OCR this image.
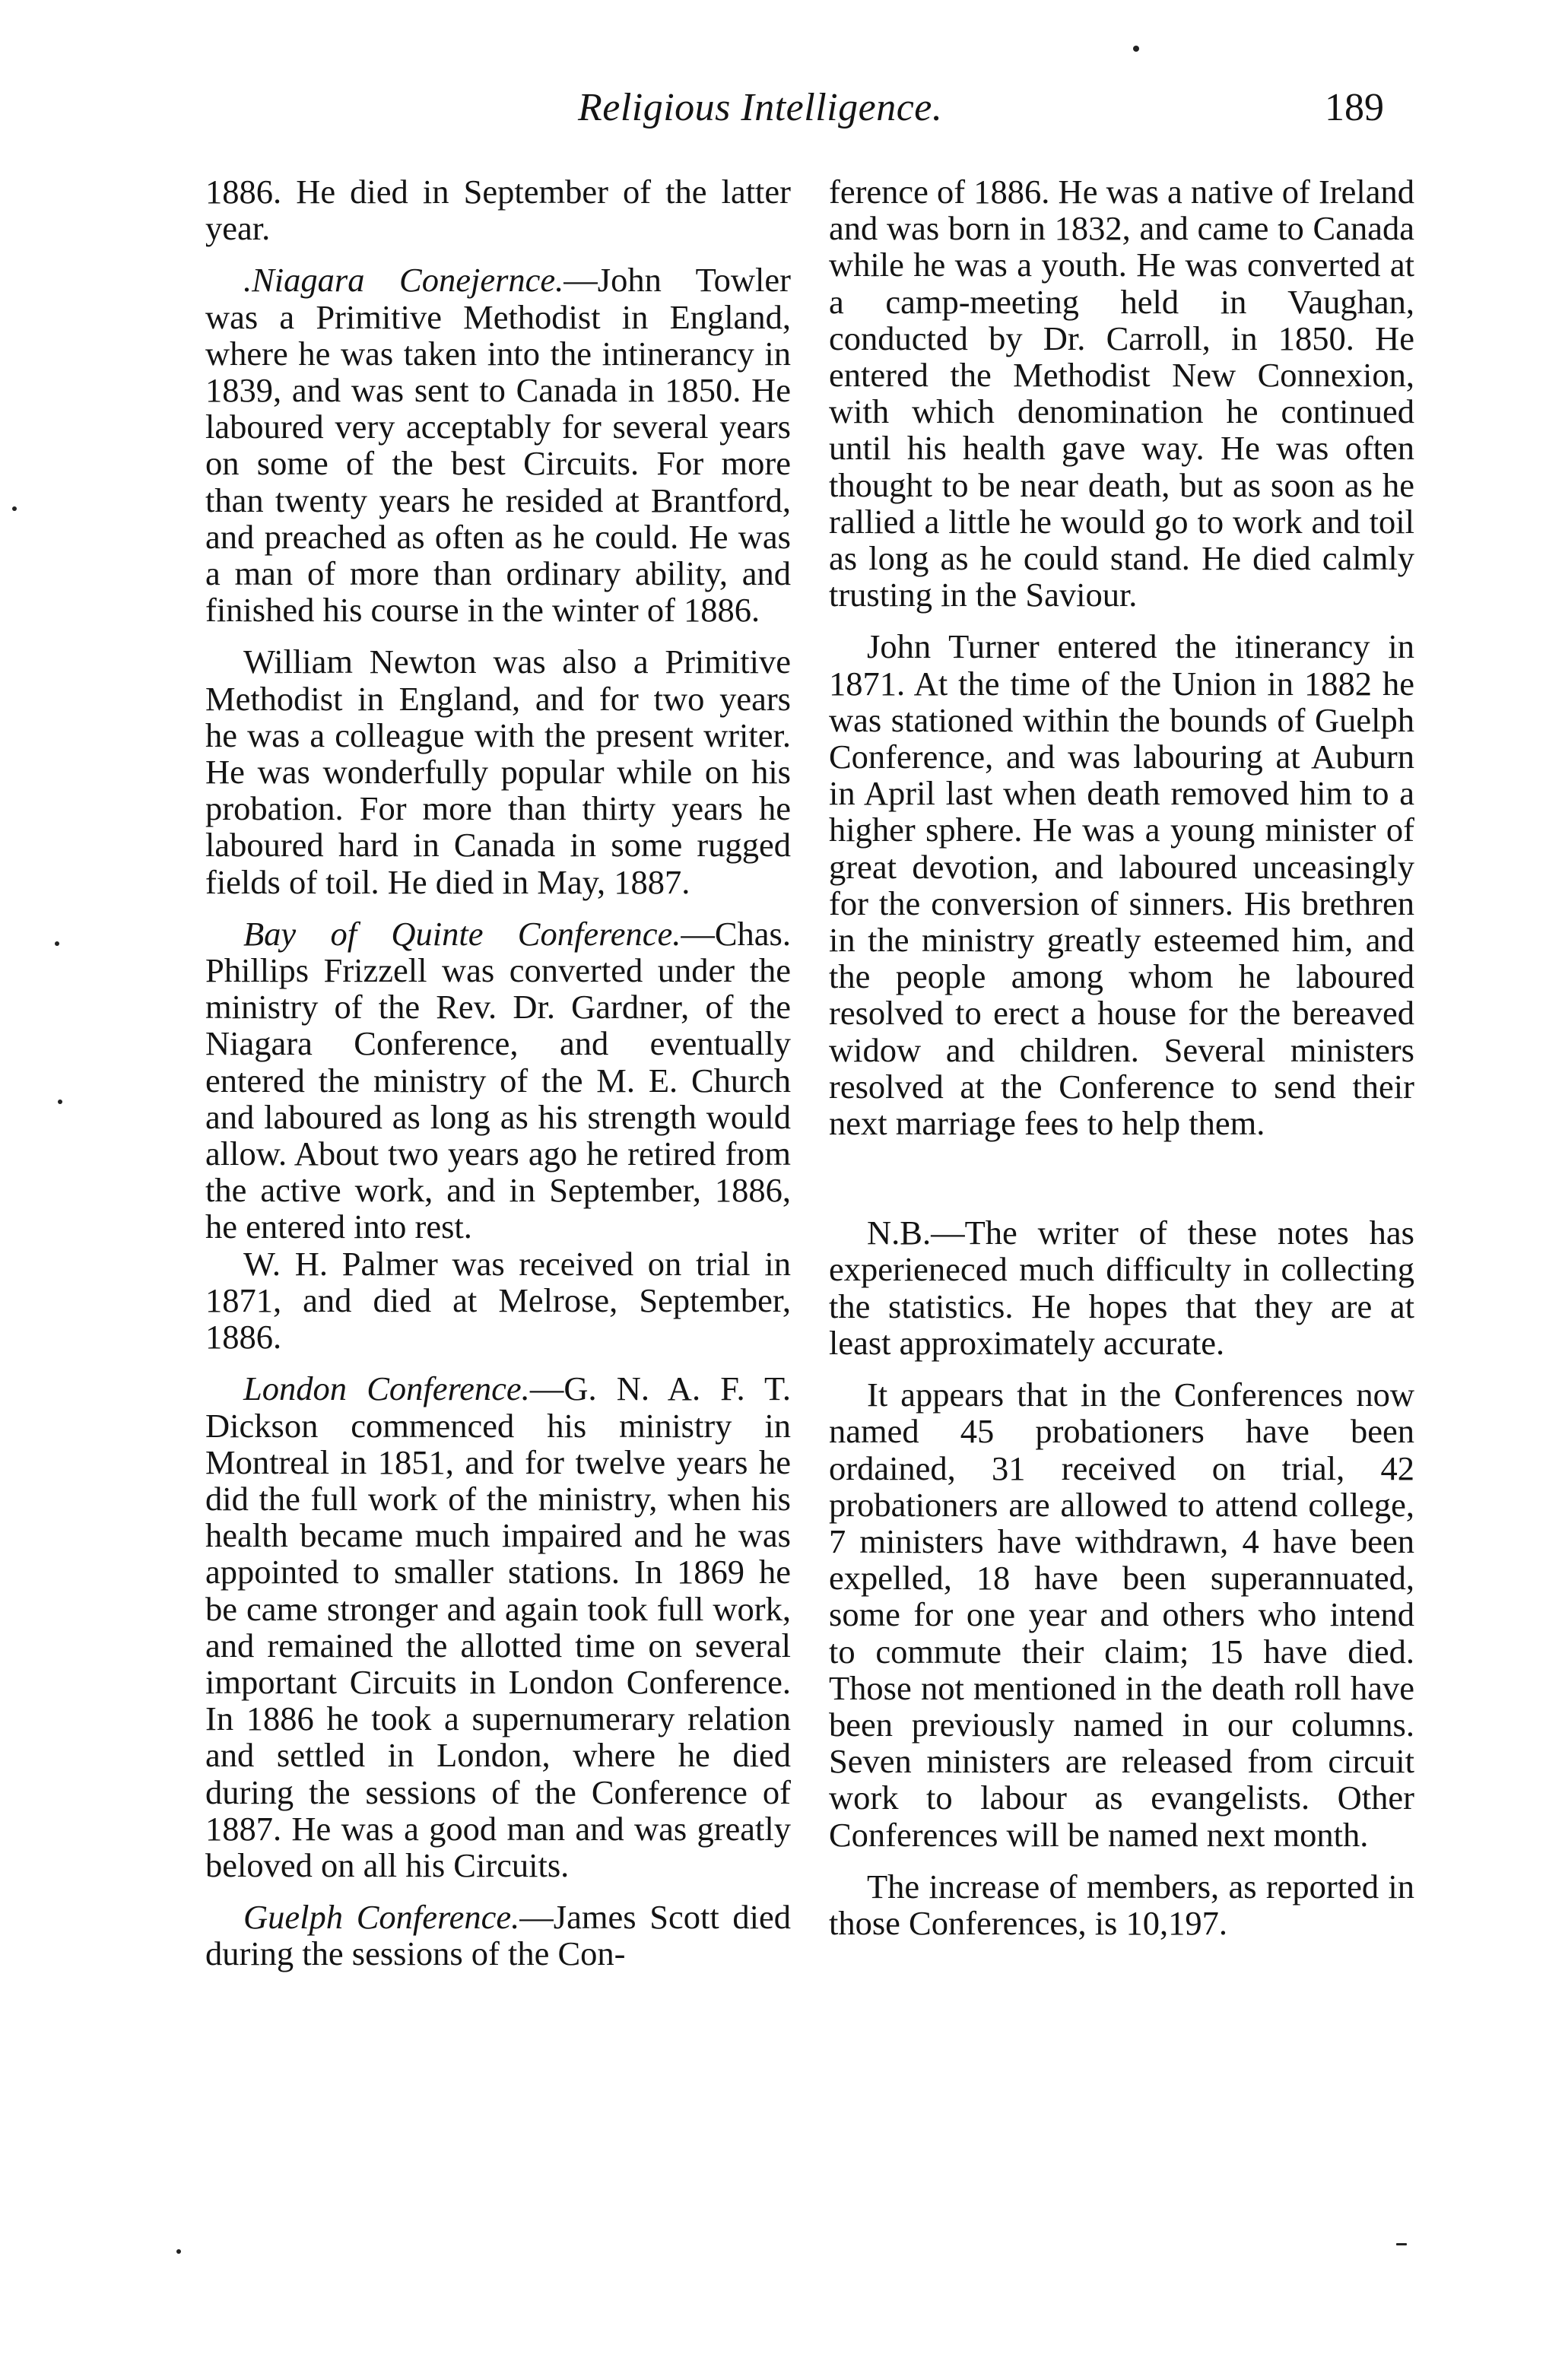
Religious Intelligence.	189

1886. He died in September of the latter year.

.Niagara Conejernce.—John Towler was a Primitive Methodist in England, where he was taken into the intinerancy in 1839, and was sent to Canada in 1850. He laboured very acceptably for several years on some of the best Circuits. For more than twenty years he resided at Brantford, and preached as often as he could. He was a man of more than ordinary ability, and finished his course in the winter of 1886.

William Newton was also a Primitive Methodist in England, and for two years he was a colleague with the present writer. He was wonderfully popular while on his probation. For more than thirty years he laboured hard in Canada in some rugged fields of toil. He died in May, 1887.

Bay of Quinte Conference.—Chas. Phillips Frizzell was converted under the ministry of the Rev. Dr. Gardner, of the Niagara Conference, and eventually entered the ministry of the M. E. Church and laboured as long as his strength would allow. About two years ago he retired from the active work, and in September, 1886, he entered into rest.

W. H. Palmer was received on trial in 1871, and died at Melrose, September, 1886.

London Conference.—G. N. A. F. T. Dickson commenced his ministry in Montreal in 1851, and for twelve years he did the full work of the ministry, when his health became much impaired and he was appointed to smaller stations. In 1869 he be came stronger and again took full work, and remained the allotted time on several important Circuits in London Conference. In 1886 he took a supernumerary relation and settled in London, where he died during the sessions of the Conference of 1887. He was a good man and was greatly beloved on all his Circuits.

Guelph Conference.—James Scott died during the sessions of the Con-

ference of 1886. He was a native of Ireland and was born in 1832, and came to Canada while he was a youth. He was converted at a camp-meeting held in Vaughan, conducted by Dr. Carroll, in 1850. He entered the Methodist New Connexion, with which denomination he continued until his health gave way. He was often thought to be near death, but as soon as he rallied a little he would go to work and toil as long as he could stand. He died calmly trusting in the Saviour.

John Turner entered the itinerancy in 1871. At the time of the Union in 1882 he was stationed within the bounds of Guelph Conference, and was labouring at Auburn in April last when death removed him to a higher sphere. He was a young minister of great devotion, and laboured unceasingly for the conversion of sinners. His brethren in the ministry greatly esteemed him, and the people among whom he laboured resolved to erect a house for the bereaved widow and children. Several ministers resolved at the Conference to send their next marriage fees to help them.

N.B.—The writer of these notes has experieneced much difficulty in collecting the statistics. He hopes that they are at least approximately accurate.

It appears that in the Conferences now named 45 probationers have been ordained, 31 received on trial, 42 probationers are allowed to attend college, 7 ministers have withdrawn, 4 have been expelled, 18 have been superannuated, some for one year and others who intend to commute their claim; 15 have died. Those not mentioned in the death roll have been previously named in our columns. Seven ministers are released from circuit work to labour as evangelists. Other Conferences will be named next month.

The increase of members, as reported in those Conferences, is 10,197.
